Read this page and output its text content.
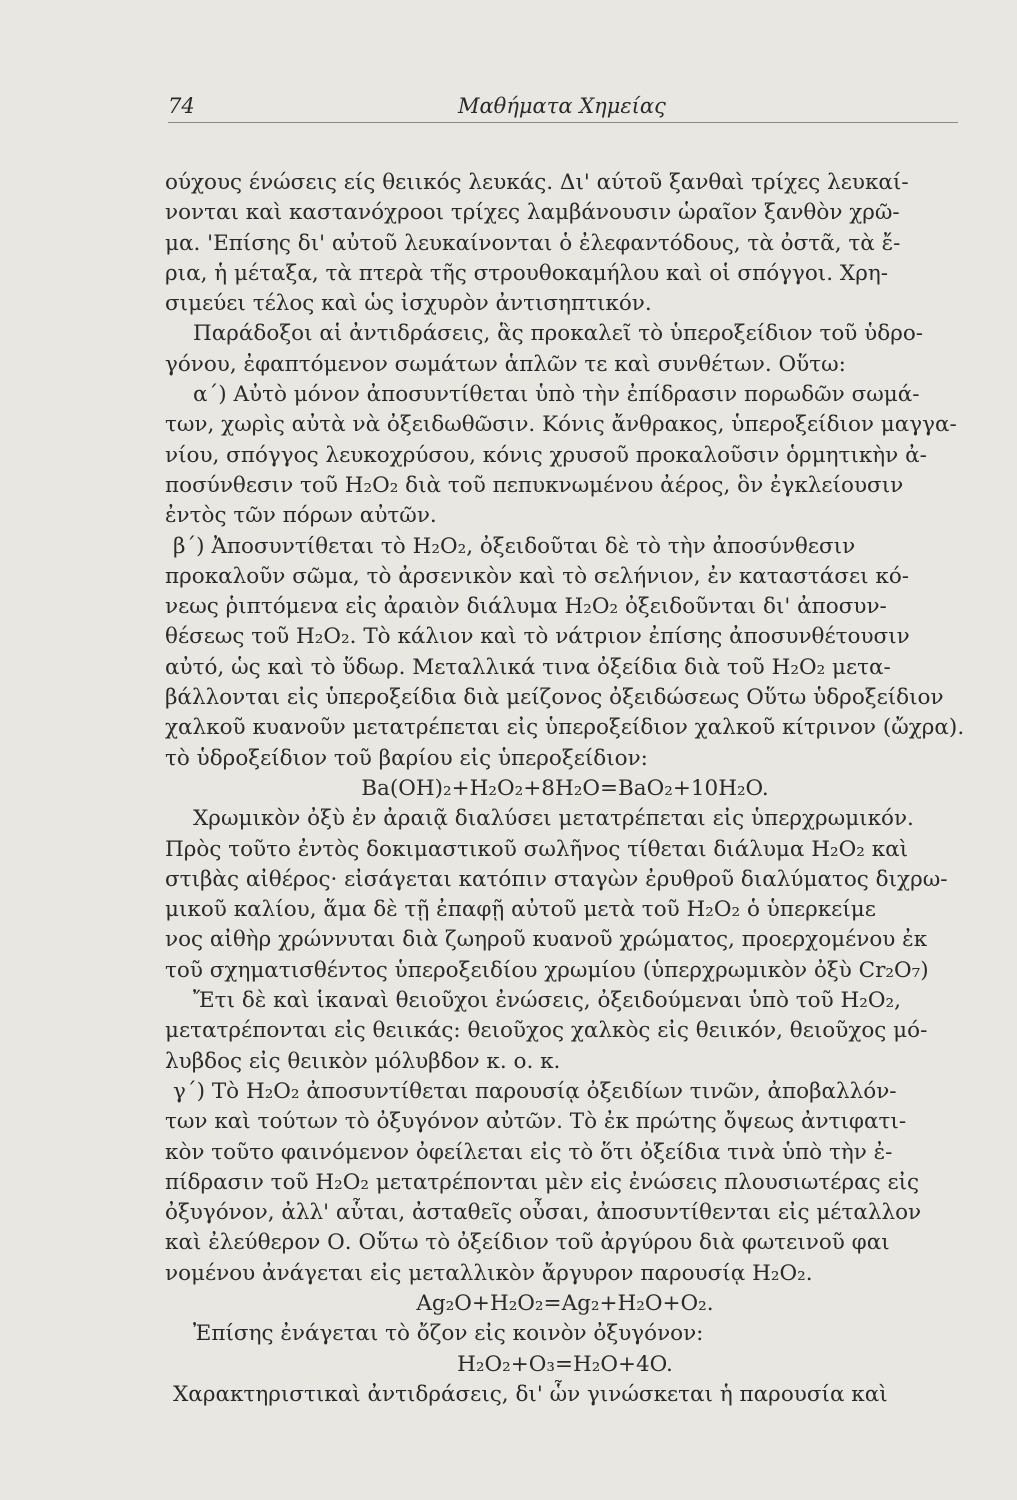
74	Μαθήματα Χημείας
ούχους ένώσεις είς θειικός λευκάς. Δι' αύτοῦ ξανθαὶ τρίχες λευκαί-
νονται καὶ καστανόχροοι τρίχες λαμβάνουσιν ὡραῖον ξανθὸν χρῶ-
μα. 'Επίσης δι' αὐτοῦ λευκαίνονται ὁ ἐλεφαντόδους, τὰ ὀστᾶ, τὰ ἔ-
ρια, ἡ μέταξα, τὰ πτερὰ τῆς στρουθοκαμήλου καὶ οἱ σπόγγοι. Χρη-
σιμεύει τέλος καὶ ὡς ἰσχυρὸν ἀντισηπτικόν.
Παράδοξοι αἱ ἀντιδράσεις, ἃς προκαλεῖ τὸ ὑπεροξείδιον τοῦ ὑδρο-
γόνου, ἐφαπτόμενον σωμάτων ἁπλῶν τε καὶ συνθέτων. Οὕτω:
α΄) Αὐτὸ μόνον ἀποσυντίθεται ὑπὸ τὴν ἐπίδρασιν πορωδῶν σωμά-
των, χωρὶς αὐτὰ νὰ ὀξειδωθῶσιν. Κόνις ἄνθρακος, ὑπεροξείδιον μαγγα-
νίου, σπόγγος λευκοχρύσου, κόνις χρυσοῦ προκαλοῦσιν ὁρμητικὴν ἀ-
ποσύνθεσιν τοῦ H₂O₂ διὰ τοῦ πεπυκνωμένου ἀέρος, ὃν ἐγκλείουσιν
ἐντὸς τῶν πόρων αὐτῶν.
β΄) Ἀποσυντίθεται τὸ H₂O₂, ὀξειδοῦται δὲ τὸ τὴν ἀποσύνθεσιν
προκαλοῦν σῶμα, τὸ ἀρσενικὸν καὶ τὸ σελήνιον, ἐν καταστάσει κό-
νεως ῥιπτόμενα εἰς ἀραιὸν διάλυμα H₂O₂ ὀξειδοῦνται δι' ἀποσυν-
θέσεως τοῦ H₂O₂. Τὸ κάλιον καὶ τὸ νάτριον ἐπίσης ἀποσυνθέτουσιν
αὐτό, ὡς καὶ τὸ ὕδωρ. Μεταλλικά τινα ὀξείδια διὰ τοῦ H₂O₂ μετα-
βάλλονται εἰς ὑπεροξείδια διὰ μείζονος ὀξειδώσεως Οὕτω ὑδροξείδιον
χαλκοῦ κυανοῦν μετατρέπεται εἰς ὑπεροξείδιον χαλκοῦ κίτρινον (ὤχρα).
τὸ ὑδροξείδιον τοῦ βαρίου εἰς ὑπεροξείδιον:
Ba(OH)₂+H₂O₂+8H₂O=BaO₂+10H₂O.
Χρωμικὸν ὀξὺ ἐν ἀραιᾷ διαλύσει μετατρέπεται εἰς ὑπερχρωμικόν.
Πρὸς τοῦτο ἐντὸς δοκιμαστικοῦ σωλῆνος τίθεται διάλυμα H₂O₂ καὶ
στιβὰς αἰθέρος· εἰσάγεται κατόπιν σταγὼν ἐρυθροῦ διαλύματος διχρω-
μικοῦ καλίου, ἅμα δὲ τῇ ἐπαφῇ αὐτοῦ μετὰ τοῦ H₂O₂ ὁ ὑπερκείμε
νος αἰθὴρ χρώννυται διὰ ζωηροῦ κυανοῦ χρώματος, προερχομένου ἐκ
τοῦ σχηματισθέντος ὑπεροξειδίου χρωμίου (ὑπερχρωμικὸν ὀξὺ Cr₂O₇)
Ἔτι δὲ καὶ ἱκαναὶ θειοῦχοι ἐνώσεις, ὀξειδούμεναι ὑπὸ τοῦ H₂O₂,
μετατρέπονται εἰς θειικάς: θειοῦχος χαλκὸς εἰς θειικόν, θειοῦχος μό-
λυβδος εἰς θειικὸν μόλυβδον κ. ο. κ.
γ΄) Τὸ H₂O₂ ἀποσυντίθεται παρουσίᾳ ὀξειδίων τινῶν, ἀποβαλλόν-
των καὶ τούτων τὸ ὀξυγόνον αὐτῶν. Τὸ ἐκ πρώτης ὄψεως ἀντιφατι-
κὸν τοῦτο φαινόμενον ὀφείλεται εἰς τὸ ὅτι ὀξείδια τινὰ ὑπὸ τὴν ἐ-
πίδρασιν τοῦ H₂O₂ μετατρέπονται μὲν εἰς ἐνώσεις πλουσιωτέρας εἰς
ὀξυγόνον, ἀλλ' αὗται, ἀσταθεῖς οὖσαι, ἀποσυντίθενται εἰς μέταλλον
καὶ ἐλεύθερον Ο. Οὕτω τὸ ὀξείδιον τοῦ ἀργύρου διὰ φωτεινοῦ φαι
νομένου ἀνάγεται εἰς μεταλλικὸν ἄργυρον παρουσίᾳ H₂O₂.
Ag₂O+H₂O₂=Ag₂+H₂O+O₂.
Ἐπίσης ἐνάγεται τὸ ὄζον εἰς κοινὸν ὀξυγόνον:
H₂O₂+O₃=H₂O+4O.
Χαρακτηριστικαὶ ἀντιδράσεις, δι' ὧν γινώσκεται ἡ παρουσία καὶ
